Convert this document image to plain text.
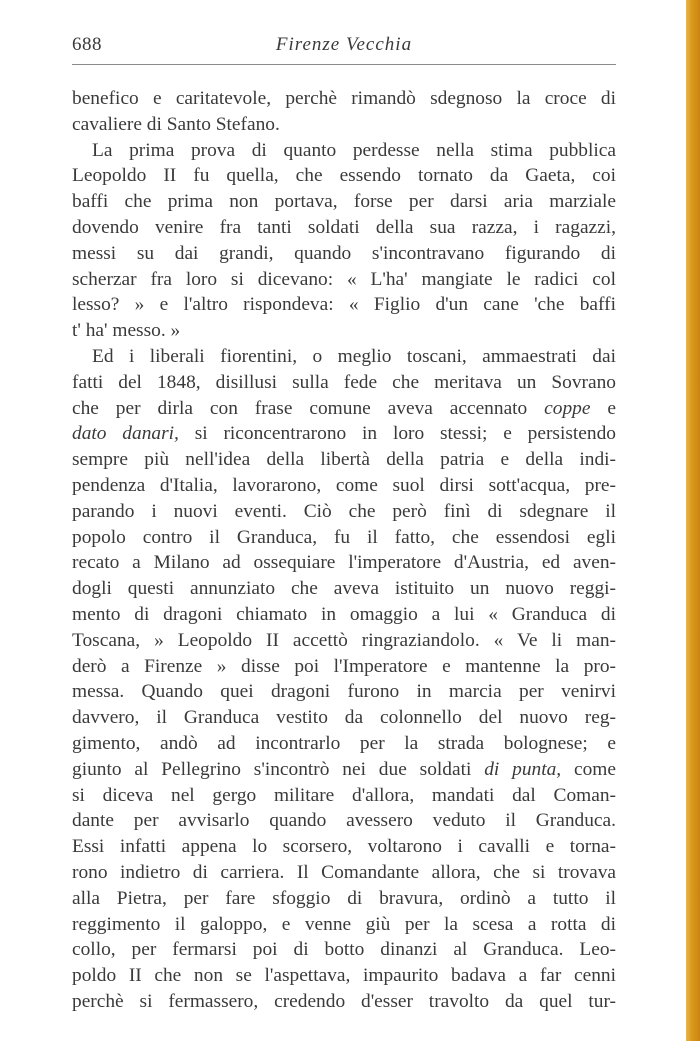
688	Firenze Vecchia
benefico e caritatevole, perchè rimandò sdegnoso la croce di
cavaliere di Santo Stefano.
La prima prova di quanto perdesse nella stima pubblica
Leopoldo II fu quella, che essendo tornato da Gaeta, coi
baffi che prima non portava, forse per darsi aria marziale
dovendo venire fra tanti soldati della sua razza, i ragazzi,
messi su dai grandi, quando s'incontravano figurando di
scherzar fra loro si dicevano: « L'ha' mangiate le radici col
lesso? » e l'altro rispondeva: « Figlio d'un cane 'che baffi
t' ha' messo. »
Ed i liberali fiorentini, o meglio toscani, ammaestrati dai
fatti del 1848, disillusi sulla fede che meritava un Sovrano
che per dirla con frase comune aveva accennato coppe e
dato danari, si riconcentrarono in loro stessi; e persistendo
sempre più nell'idea della libertà della patria e della indi-
pendenza d'Italia, lavorarono, come suol dirsi sott'acqua, pre-
parando i nuovi eventi. Ciò che però finì di sdegnare il
popolo contro il Granduca, fu il fatto, che essendosi egli
recato a Milano ad ossequiare l'imperatore d'Austria, ed aven-
dogli questi annunziato che aveva istituito un nuovo reggi-
mento di dragoni chiamato in omaggio a lui « Granduca di
Toscana, » Leopoldo II accettò ringraziandolo. « Ve li man-
derò a Firenze » disse poi l'Imperatore e mantenne la pro-
messa. Quando quei dragoni furono in marcia per venirvi
davvero, il Granduca vestito da colonnello del nuovo reg-
gimento, andò ad incontrarlo per la strada bolognese; e
giunto al Pellegrino s'incontrò nei due soldati di punta, come
si diceva nel gergo militare d'allora, mandati dal Coman-
dante per avvisarlo quando avessero veduto il Granduca.
Essi infatti appena lo scorsero, voltarono i cavalli e torna-
rono indietro di carriera. Il Comandante allora, che si trovava
alla Pietra, per fare sfoggio di bravura, ordinò a tutto il
reggimento il galoppo, e venne giù per la scesa a rotta di
collo, per fermarsi poi di botto dinanzi al Granduca. Leo-
poldo II che non se l'aspettava, impaurito badava a far cenni
perchè si fermassero, credendo d'esser travolto da quel tur-
